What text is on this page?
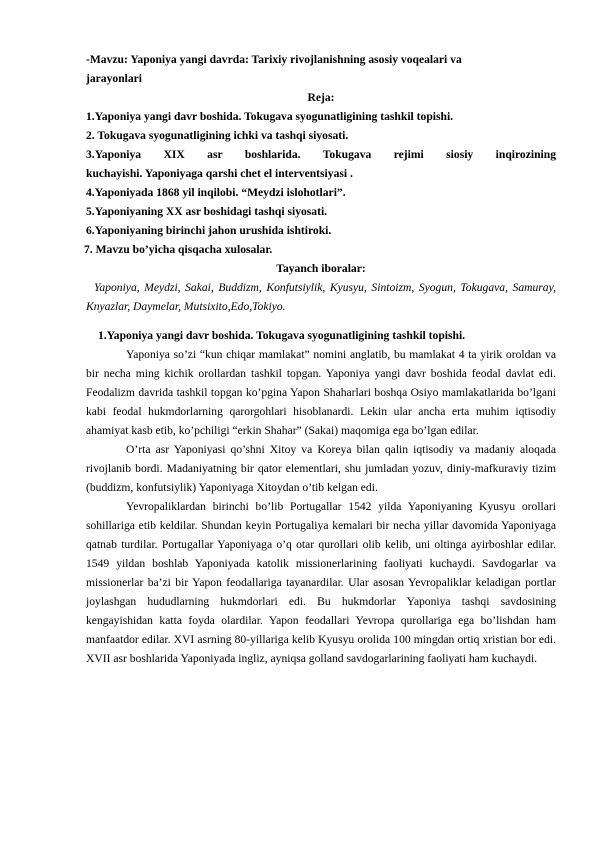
-Mavzu: Yaponiya yangi davrda: Tarixiy rivojlanishning asosiy voqealari va
jarayonlari
Reja:
1.Yaponiya yangi davr boshida. Tokugava syogunatligining tashkil topishi.
2. Tokugava syogunatligining ichki va tashqi siyosati.
3.Yaponiya XIX asr boshlarida. Tokugava rejimi siosiy inqirozining
kuchayishi. Yaponiyaga qarshi chet el interventsiyasi .
4.Yaponiyada 1868 yil inqilobi. “Meydzi islohotlari”.
5.Yaponiyaning XX asr boshidagi tashqi siyosati.
6.Yaponiyaning birinchi jahon urushida ishtiroki.
7. Mavzu bo’yicha qisqacha xulosalar.
Tayanch iboralar:
Yaponiya, Meydzi, Sakai, Buddizm, Konfutsiylik, Kyusyu, Sintoizm, Syogun, Tokugava, Samuray, Knyazlar, Daymelar, Mutsixito,Edo,Tokiyo.
1.Yaponiya yangi davr boshida. Tokugava syogunatligining tashkil topishi.

Yaponiya so’zi “kun chiqar mamlakat” nomini anglatib, bu mamlakat 4 ta yirik oroldan va bir necha ming kichik orollardan tashkil topgan. Yaponiya yangi davr boshida feodal davlat edi. Feodalizm davrida tashkil topgan ko’pgina Yapon Shaharlari boshqa Osiyo mamlakatlarida bo’lgani kabi feodal hukmdorlarning qarorgohlari hisoblanardi. Lekin ular ancha erta muhim iqtisodiy ahamiyat kasb etib, ko’pchiligi “erkin Shahar” (Sakai) maqomiga ega bo’lgan edilar.

O’rta asr Yaponiyasi qo’shni Xitoy va Koreya bilan qalin iqtisodiy va madaniy aloqada rivojlanib bordi. Madaniyatning bir qator elementlari, shu jumladan yozuv, diniy-mafkuraviy tizim (buddizm, konfutsiylik) Yaponiyaga Xitoydan o’tib kelgan edi.

Yevropaliklardan birinchi bo’lib Portugallar 1542 yilda Yaponiyaning Kyusyu orollari sohillariga etib keldilar. Shundan keyin Portugaliya kemalari bir necha yillar davomida Yaponiyaga qatnab turdilar. Portugallar Yaponiyaga o’q otar qurollari olib kelib, uni oltinga ayirboshlar edilar. 1549 yildan boshlab Yaponiyada katolik missionerlarining faoliyati kuchaydi. Savdogarlar va missionerlar ba’zi bir Yapon feodallariga tayanardilar. Ular asosan Yevropaliklar keladigan portlar joylashgan hududlarning hukmdorlari edi. Bu hukmdorlar Yaponiya tashqi savdosining kengayishidan katta foyda olardilar. Yapon feodallari Yevropa qurollariga ega bo’lishdan ham manfaatdor edilar. XVI asrning 80-yillariga kelib Kyusyu orolida 100 mingdan ortiq xristian bor edi. XVII asr boshlarida Yaponiyada ingliz, ayniqsa golland savdogarlarining faoliyati ham kuchaydi.
